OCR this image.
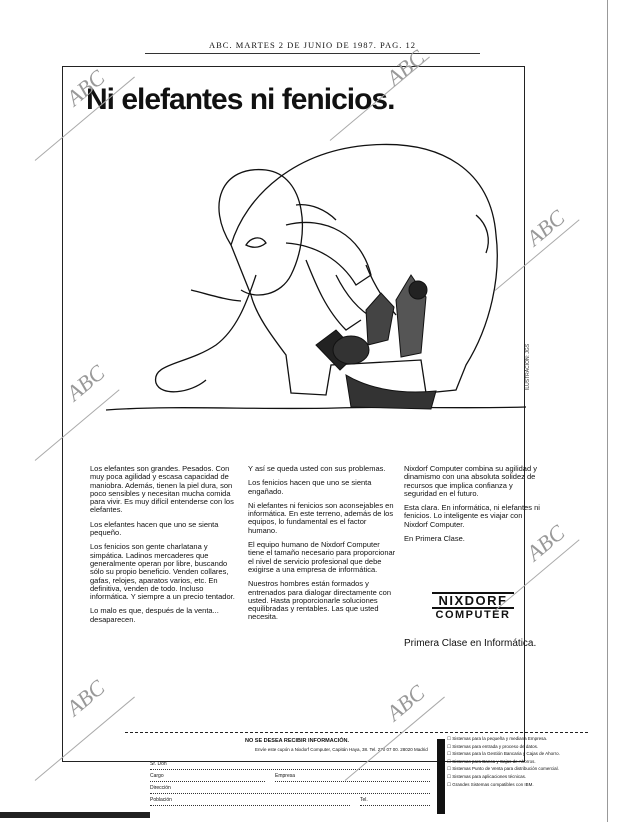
ABC. MARTES 2 DE JUNIO DE 1987. PAG. 12
NO SE DESEA RECIBIR INFORMACIÓN.
Envíe este cupón a Nixdorf Computer, Capitán Haya, 38. Tel. 270 07 00. 28020 Madrid
Sr. Don
Cargo	Empresa
Dirección
Población	Tel.
☐ Sistemas para la pequeña y mediana Empresa.
☐ Sistemas para entrada y proceso de datos.
☐ Sistemas para la Gestión Bancaria y Cajas de Ahorro.
☐ Sistemas para Banca y Cajas de Ahorros.
☐ Sistemas Punto de Venta para distribución comercial.
☐ Sistemas para aplicaciones técnicas.
☐ Grandes Sistemas compatibles con IBM.
Ni elefantes ni fenicios.
ILUSTRACIÓN: JGS

Los elefantes son grandes. Pesados. Con muy poca agilidad y escasa capacidad de maniobra. Además, tienen la piel dura, son poco sensibles y necesitan mucha comida para vivir. Es muy difícil entenderse con los elefantes.

Los elefantes hacen que uno se sienta pequeño.

Los fenicios son gente charlatana y simpática. Ladinos mercaderes que generalmente operan por libre, buscando sólo su propio beneficio. Venden collares, gafas, relojes, aparatos varios, etc. En definitiva, venden de todo. Incluso informática. Y siempre a un precio tentador.

Lo malo es que, después de la venta... desaparecen.

Y así se queda usted con sus problemas.

Los fenicios hacen que uno se sienta engañado.

Ni elefantes ni fenicios son aconsejables en informática. En este terreno, además de los equipos, lo fundamental es el factor humano.

El equipo humano de Nixdorf Computer tiene el tamaño necesario para proporcionar el nivel de servicio profesional que debe exigirse a una empresa de informática.

Nuestros hombres están formados y entrenados para dialogar directamente con usted. Hasta proporcionarle soluciones equilibradas y rentables. Las que usted necesita.

Nixdorf Computer combina su agilidad y dinamismo con una absoluta solidez de recursos que implica confianza y seguridad en el futuro.

Esta clara. En informática, ni elefantes ni fenicios. Lo inteligente es viajar con Nixdorf Computer.

En Primera Clase.

NIXDORF
COMPUTER
Primera Clase en Informática.
ABC	ABC
ABC
ABC
ABC
ABC	ABC
